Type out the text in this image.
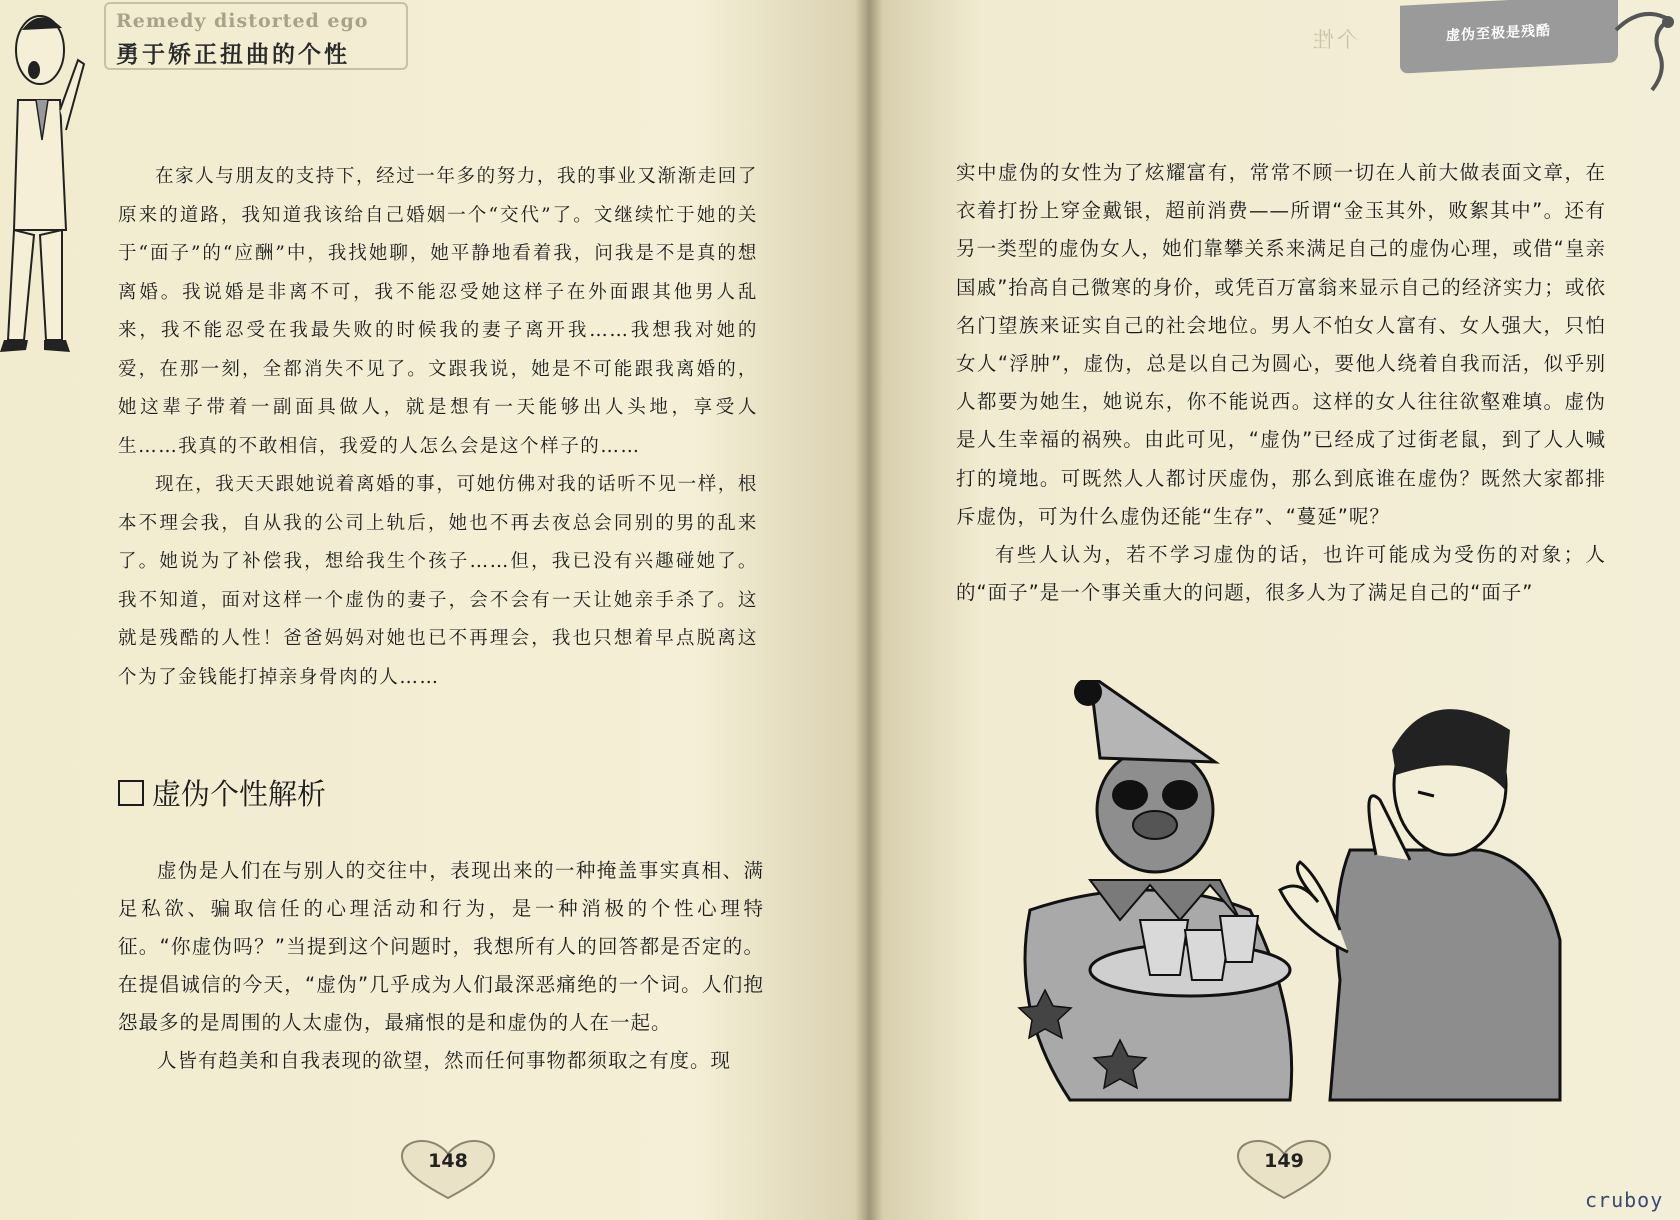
Remedy distorted ego
勇于矫正扭曲的个性

在家人与朋友的支持下，经过一年多的努力，我的事业又渐渐走回了原来的道路，我知道我该给自己婚姻一个“交代”了。文继续忙于她的关于“面子”的“应酬”中，我找她聊，她平静地看着我，问我是不是真的想离婚。我说婚是非离不可，我不能忍受她这样子在外面跟其他男人乱来，我不能忍受在我最失败的时候我的妻子离开我……我想我对她的爱，在那一刻，全都消失不见了。文跟我说，她是不可能跟我离婚的，她这辈子带着一副面具做人，就是想有一天能够出人头地，享受人生……我真的不敢相信，我爱的人怎么会是这个样子的……

现在，我天天跟她说着离婚的事，可她仿佛对我的话听不见一样，根本不理会我，自从我的公司上轨后，她也不再去夜总会同别的男的乱来了。她说为了补偿我，想给我生个孩子……但，我已没有兴趣碰她了。我不知道，面对这样一个虚伪的妻子，会不会有一天让她亲手杀了。这就是残酷的人性！爸爸妈妈对她也已不再理会，我也只想着早点脱离这个为了金钱能打掉亲身骨肉的人……

虚伪个性解析

虚伪是人们在与别人的交往中，表现出来的一种掩盖事实真相、满足私欲、骗取信任的心理活动和行为，是一种消极的个性心理特征。“你虚伪吗？”当提到这个问题时，我想所有人的回答都是否定的。在提倡诚信的今天，“虚伪”几乎成为人们最深恶痛绝的一个词。人们抱怨最多的是周围的人太虚伪，最痛恨的是和虚伪的人在一起。

人皆有趋美和自我表现的欲望，然而任何事物都须取之有度。现

148
个性	虚伪至极是残酷

实中虚伪的女性为了炫耀富有，常常不顾一切在人前大做表面文章，在衣着打扮上穿金戴银，超前消费——所谓“金玉其外，败絮其中”。还有另一类型的虚伪女人，她们靠攀关系来满足自己的虚伪心理，或借“皇亲国戚”抬高自己微寒的身价，或凭百万富翁来显示自己的经济实力；或依名门望族来证实自己的社会地位。男人不怕女人富有、女人强大，只怕女人“浮肿”，虚伪，总是以自己为圆心，要他人绕着自我而活，似乎别人都要为她生，她说东，你不能说西。这样的女人往往欲壑难填。虚伪是人生幸福的祸殃。由此可见，“虚伪”已经成了过街老鼠，到了人人喊打的境地。可既然人人都讨厌虚伪，那么到底谁在虚伪？既然大家都排斥虚伪，可为什么虚伪还能“生存”、“蔓延”呢？

有些人认为，若不学习虚伪的话，也许可能成为受伤的对象；人的“面子”是一个事关重大的问题，很多人为了满足自己的“面子”

149
cruboy
